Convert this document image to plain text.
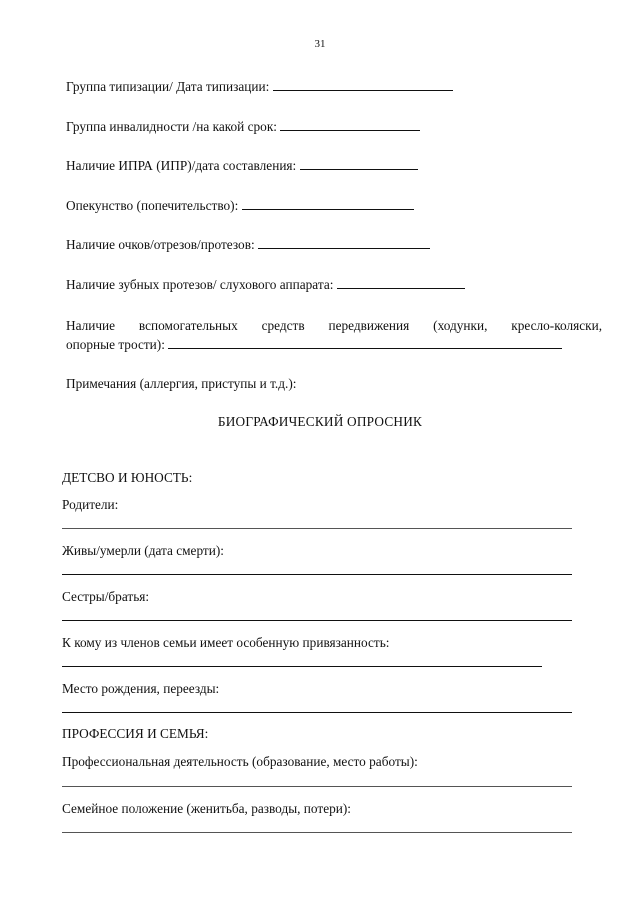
31
Группа типизации/ Дата типизации:
Группа инвалидности /на какой срок:
Наличие ИПРА (ИПР)/дата составления:
Опекунство (попечительство):
Наличие очков/отрезов/протезов:
Наличие зубных протезов/ слухового аппарата:
Наличие вспомогательных средств передвижения (ходунки, кресло-коляски,
опорные трости):
Примечания (аллергия, приступы и т.д.):
БИОГРАФИЧЕСКИЙ ОПРОСНИК
ДЕТСВО И ЮНОСТЬ:
Родители:
Живы/умерли (дата смерти):
Сестры/братья:
К кому из членов семьи имеет особенную привязанность:
Место рождения, переезды:
ПРОФЕССИЯ И СЕМЬЯ:
Профессиональная деятельность (образование, место работы):
Семейное положение (женитьба, разводы, потери):
